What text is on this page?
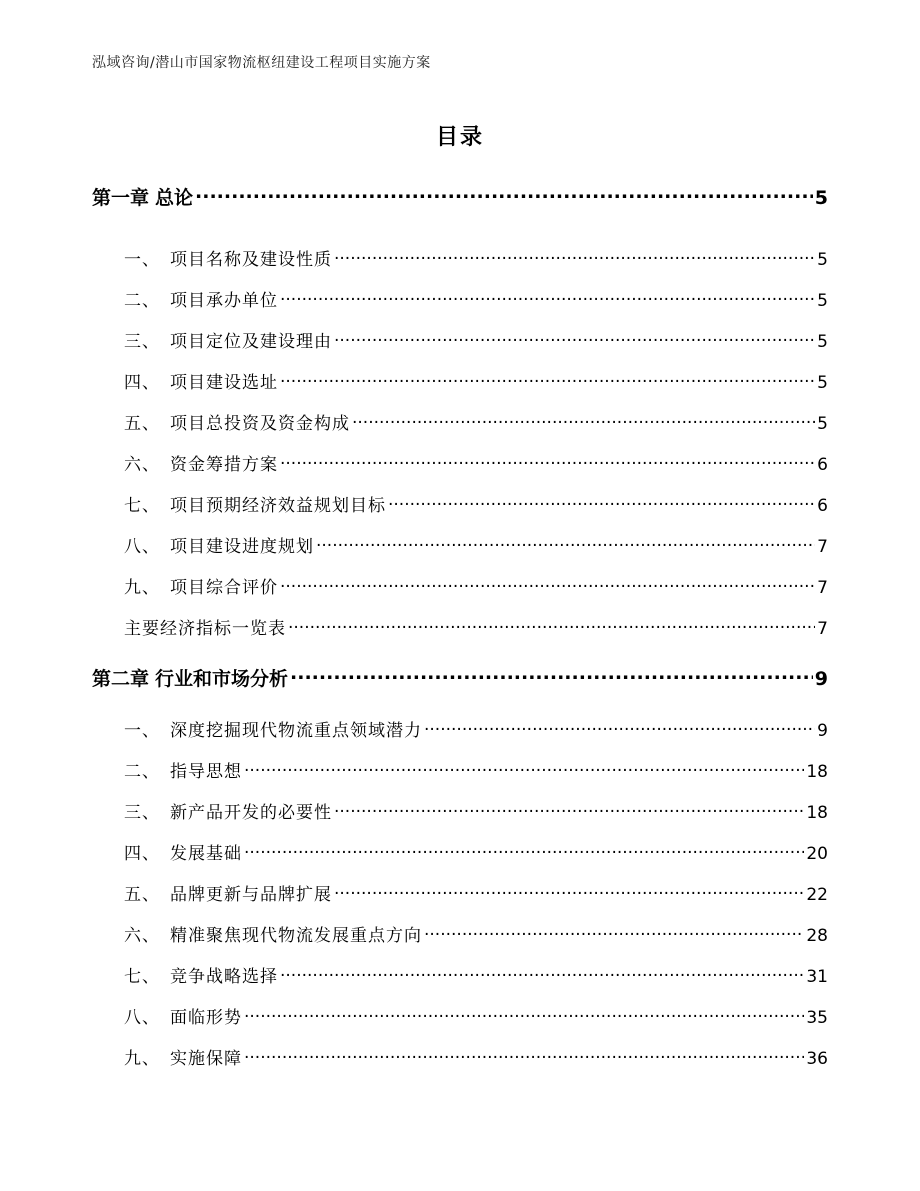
泓域咨询/潜山市国家物流枢纽建设工程项目实施方案
目录
第一章 总论 .....	5
一、 项目名称及建设性质 .....	5
二、 项目承办单位 .....	5
三、 项目定位及建设理由 .....	5
四、 项目建设选址 .....	5
五、 项目总投资及资金构成 .....	5
六、 资金筹措方案 .....	6
七、 项目预期经济效益规划目标 .....	6
八、 项目建设进度规划 .....	7
九、 项目综合评价 .....	7
主要经济指标一览表 .....	7
第二章 行业和市场分析 .....	9
一、 深度挖掘现代物流重点领域潜力 .....	9
二、 指导思想 .....	18
三、 新产品开发的必要性 .....	18
四、 发展基础 .....	20
五、 品牌更新与品牌扩展 .....	22
六、 精准聚焦现代物流发展重点方向 .....	28
七、 竞争战略选择 .....	31
八、 面临形势 .....	35
九、 实施保障 .....	36
